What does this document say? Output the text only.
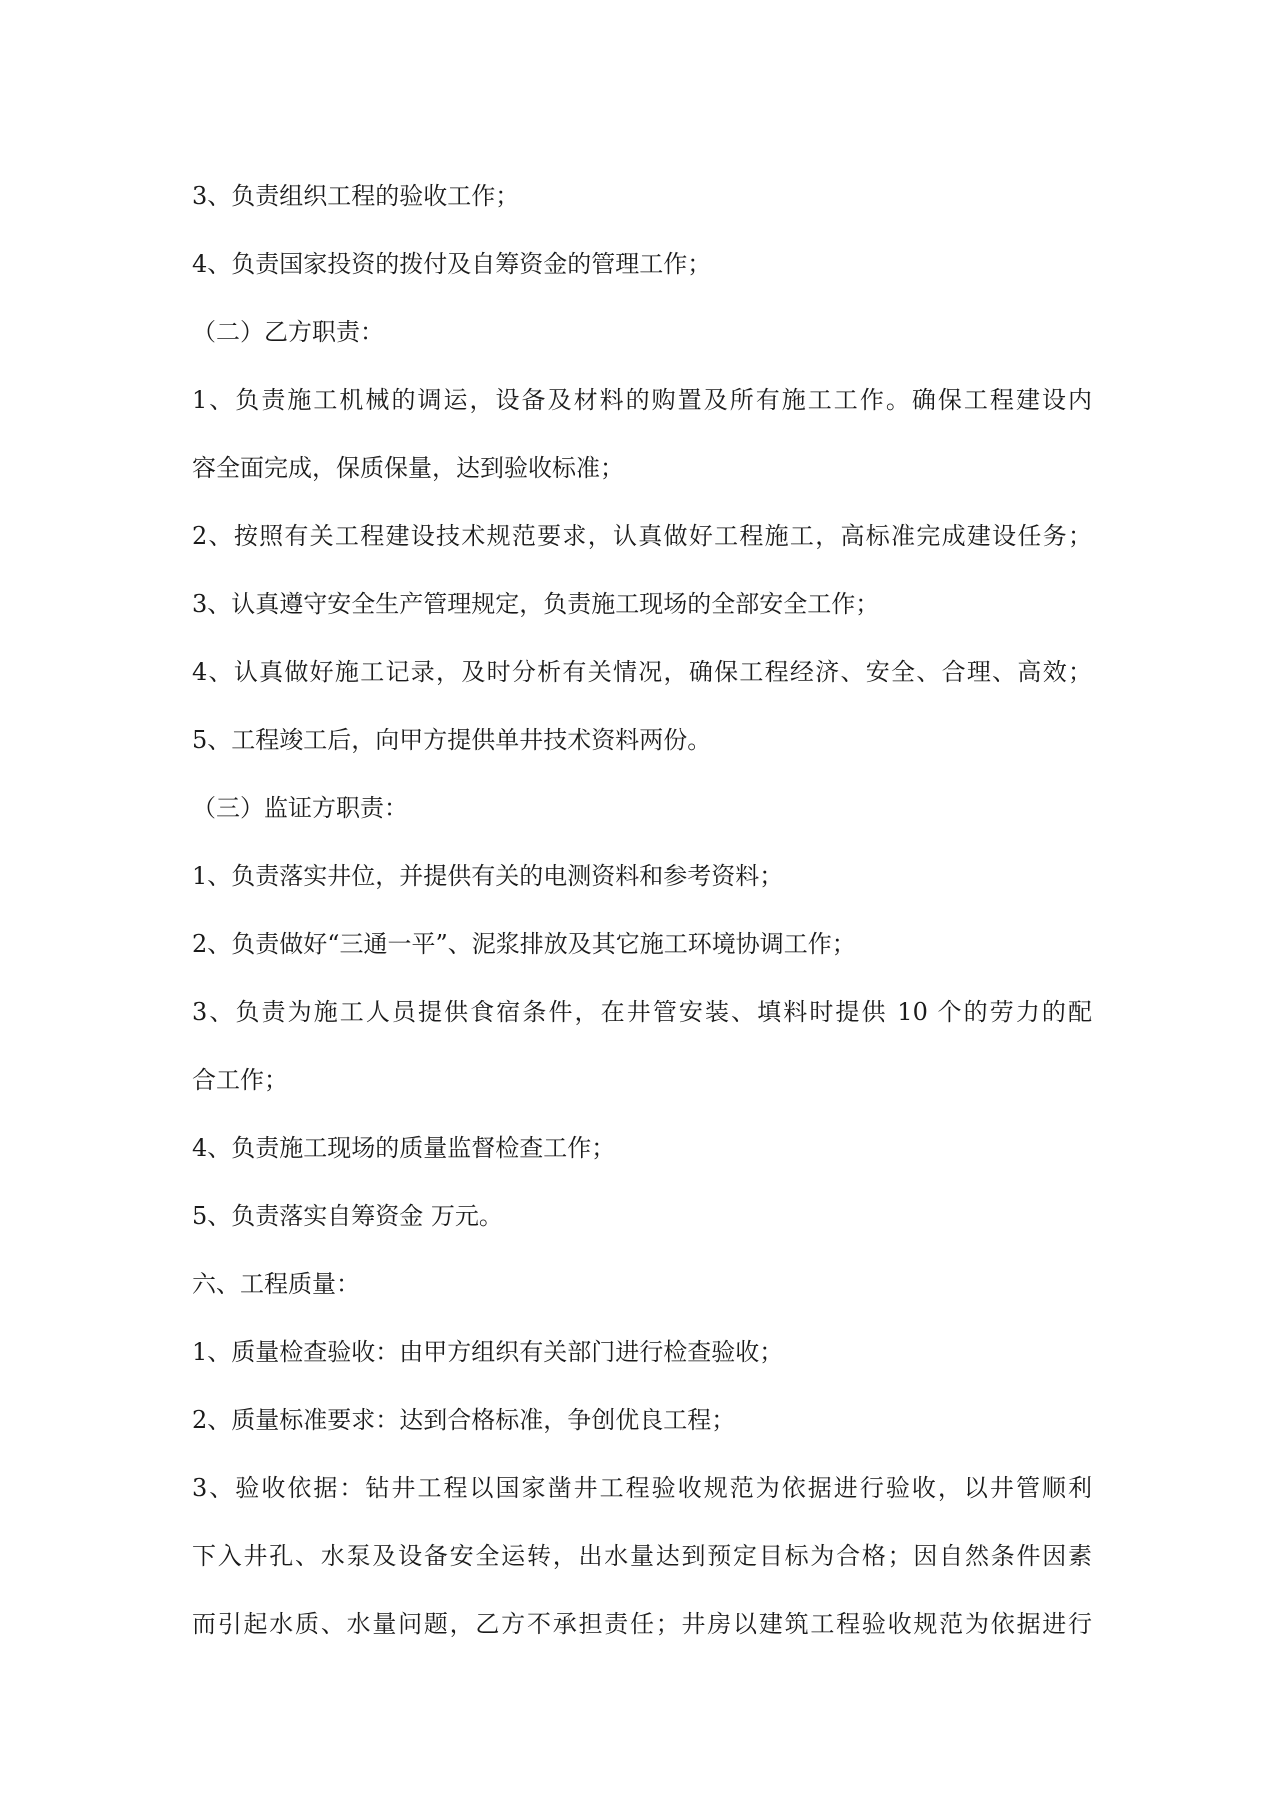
3、负责组织工程的验收工作；
4、负责国家投资的拨付及自筹资金的管理工作；
（二）乙方职责：
1、负责施工机械的调运，设备及材料的购置及所有施工工作。确保工程建设内
容全面完成，保质保量，达到验收标准；
2、按照有关工程建设技术规范要求，认真做好工程施工，高标准完成建设任务；
3、认真遵守安全生产管理规定，负责施工现场的全部安全工作；
4、认真做好施工记录，及时分析有关情况，确保工程经济、安全、合理、高效；
5、工程竣工后，向甲方提供单井技术资料两份。
（三）监证方职责：
1、负责落实井位，并提供有关的电测资料和参考资料；
2、负责做好“三通一平”、泥浆排放及其它施工环境协调工作；
3、负责为施工人员提供食宿条件，在井管安装、填料时提供 10 个的劳力的配
合工作；
4、负责施工现场的质量监督检查工作；
5、负责落实自筹资金 万元。
六、工程质量：
1、质量检查验收：由甲方组织有关部门进行检查验收；
2、质量标准要求：达到合格标准，争创优良工程；
3、验收依据：钻井工程以国家凿井工程验收规范为依据进行验收，以井管顺利
下入井孔、水泵及设备安全运转，出水量达到预定目标为合格；因自然条件因素
而引起水质、水量问题，乙方不承担责任；井房以建筑工程验收规范为依据进行
